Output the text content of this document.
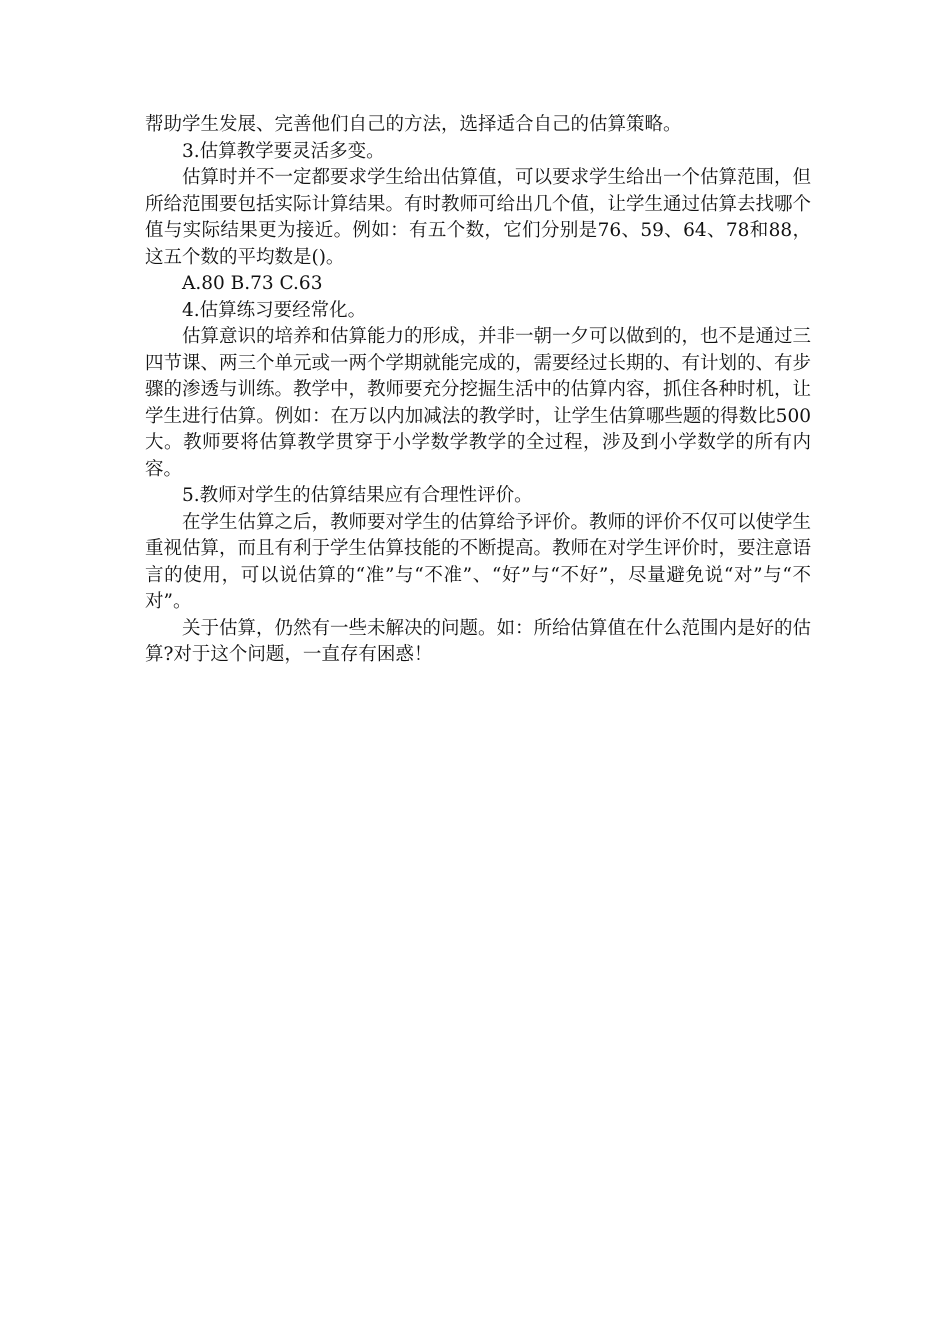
帮助学生发展、完善他们自己的方法，选择适合自己的估算策略。

3.估算教学要灵活多变。

估算时并不一定都要求学生给出估算值，可以要求学生给出一个估算范围，但所给范围要包括实际计算结果。有时教师可给出几个值，让学生通过估算去找哪个值与实际结果更为接近。例如：有五个数，它们分别是76、59、64、78和88，这五个数的平均数是()。

A.80 B.73 C.63

4.估算练习要经常化。

估算意识的培养和估算能力的形成，并非一朝一夕可以做到的，也不是通过三四节课、两三个单元或一两个学期就能完成的，需要经过长期的、有计划的、有步骤的渗透与训练。教学中，教师要充分挖掘生活中的估算内容，抓住各种时机，让学生进行估算。例如：在万以内加减法的教学时，让学生估算哪些题的得数比500大。教师要将估算教学贯穿于小学数学教学的全过程，涉及到小学数学的所有内容。

5.教师对学生的估算结果应有合理性评价。

在学生估算之后，教师要对学生的估算给予评价。教师的评价不仅可以使学生重视估算，而且有利于学生估算技能的不断提高。教师在对学生评价时，要注意语言的使用，可以说估算的“准”与“不准”、“好”与“不好”，尽量避免说“对”与“不对”。

关于估算，仍然有一些未解决的问题。如：所给估算值在什么范围内是好的估算?对于这个问题，一直存有困惑！
